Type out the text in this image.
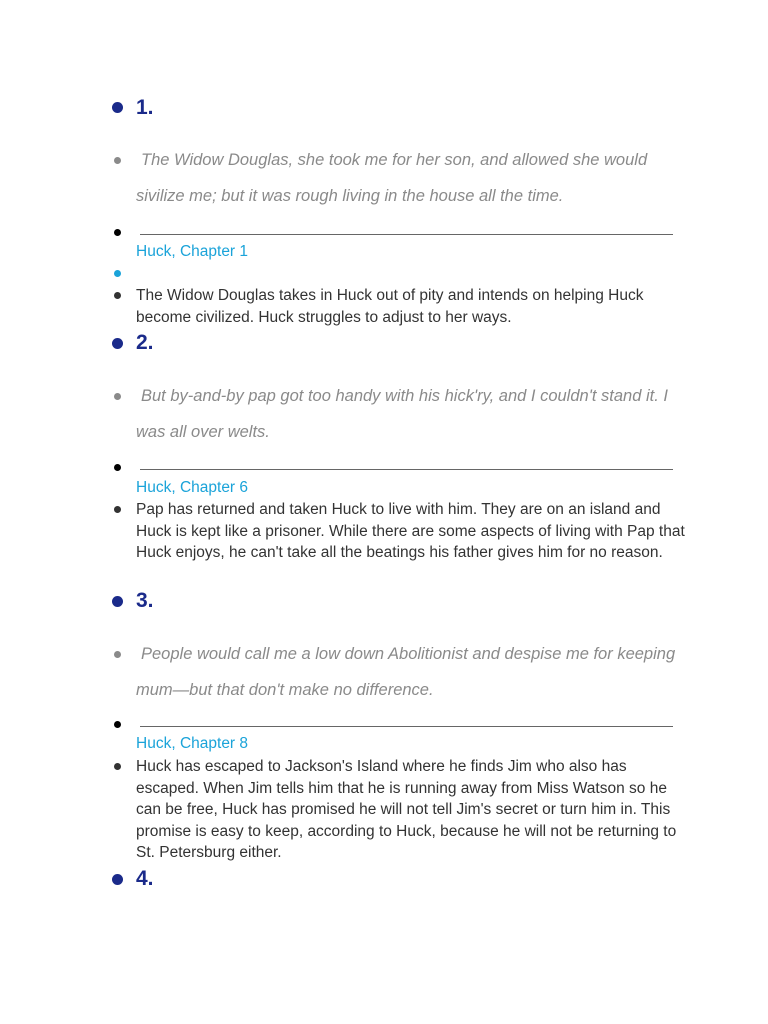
1.
The Widow Douglas, she took me for her son, and allowed she would sivilize me; but it was rough living in the house all the time.
Huck, Chapter 1
The Widow Douglas takes in Huck out of pity and intends on helping Huck become civilized. Huck struggles to adjust to her ways.
2.
But by-and-by pap got too handy with his hick'ry, and I couldn't stand it. I was all over welts.
Huck, Chapter 6
Pap has returned and taken Huck to live with him. They are on an island and Huck is kept like a prisoner. While there are some aspects of living with Pap that Huck enjoys, he can't take all the beatings his father gives him for no reason.
3.
People would call me a low down Abolitionist and despise me for keeping mum—but that don't make no difference.
Huck, Chapter 8
Huck has escaped to Jackson's Island where he finds Jim who also has escaped. When Jim tells him that he is running away from Miss Watson so he can be free, Huck has promised he will not tell Jim's secret or turn him in. This promise is easy to keep, according to Huck, because he will not be returning to St. Petersburg either.
4.
